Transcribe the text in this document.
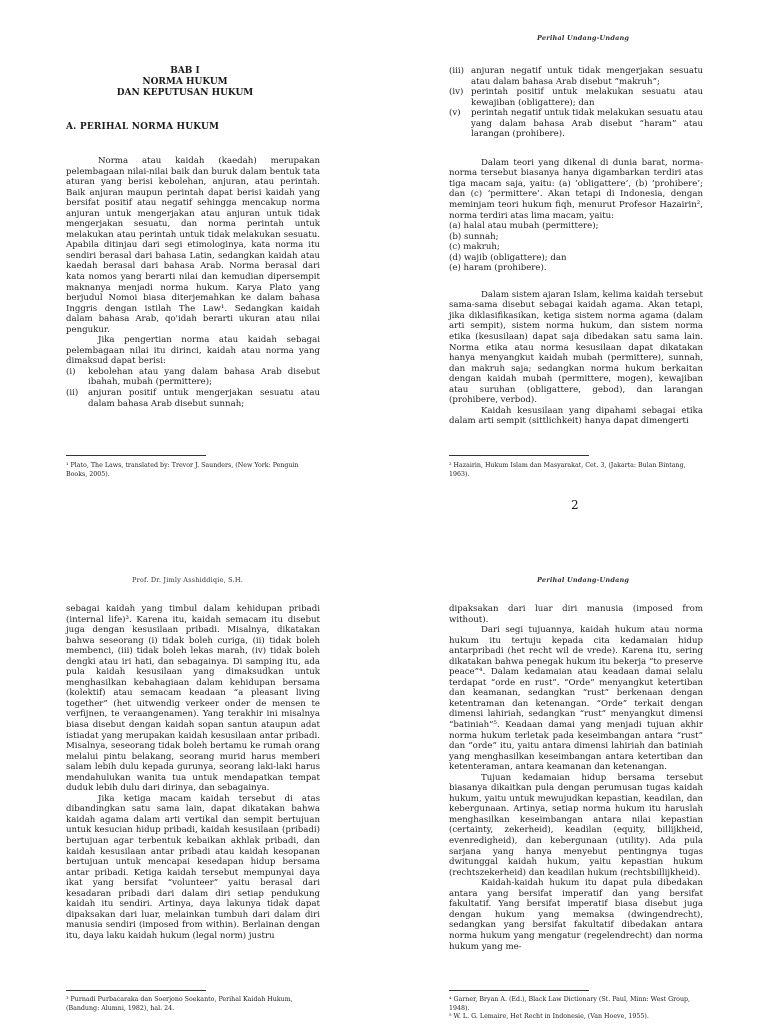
Perihal Undang-Undang
BAB I
NORMA HUKUM
DAN KEPUTUSAN HUKUM
A. PERIHAL NORMA HUKUM

Norma atau kaidah (kaedah) merupakan pelembagaan nilai-nilai baik dan buruk dalam bentuk tata aturan yang berisi kebolehan, anjuran, atau perintah. Baik anjuran maupun perintah dapat berisi kaidah yang bersifat positif atau negatif sehingga mencakup norma anjuran untuk mengerjakan atau anjuran untuk tidak mengerjakan sesuatu, dan norma perintah untuk melakukan atau perintah untuk tidak melakukan sesuatu. Apabila ditinjau dari segi etimologinya, kata norma itu sendiri berasal dari bahasa Latin, sedangkan kaidah atau kaedah berasal dari bahasa Arab. Norma berasal dari kata nomos yang berarti nilai dan kemudian dipersempit maknanya menjadi norma hukum. Karya Plato yang berjudul Nomoi biasa diterjemahkan ke dalam bahasa Inggris dengan istilah The Law¹. Sedangkan kaidah dalam bahasa Arab, qo'idah berarti ukuran atau nilai pengukur.

Jika pengertian norma atau kaidah sebagai pelembagaan nilai itu dirinci, kaidah atau norma yang dimaksud dapat berisi:

(i)	kebolehan atau yang dalam bahasa Arab disebut ibahah, mubah (permittere);
(ii)	anjuran positif untuk mengerjakan sesuatu atau dalam bahasa Arab disebut sunnah;
¹ Plato, The Laws, translated by: Trevor J. Saunders, (New York: Penguin Books, 2005).
(iii) anjuran negatif untuk tidak mengerjakan sesuatu atau dalam bahasa Arab disebut “makruh”;
(iv) perintah positif untuk melakukan sesuatu atau kewajiban (obligattere); dan
(v)	perintah negatif untuk tidak melakukan sesuatu atau yang dalam bahasa Arab disebut “haram” atau larangan (prohibere).

Dalam teori yang dikenal di dunia barat, norma-norma tersebut biasanya hanya digambarkan terdiri atas tiga macam saja, yaitu: (a) ‘obligattere’, (b) ‘prohibere’; dan (c) ‘permittere’. Akan tetapi di Indonesia, dengan meminjam teori hukum fiqh, menurut Profesor Hazairin², norma terdiri atas lima macam, yaitu:

(a) halal atau mubah (permittere);
(b) sunnah;
(c) makruh;
(d) wajib (obligattere); dan
(e) haram (prohibere).

Dalam sistem ajaran Islam, kelima kaidah tersebut sama-sama disebut sebagai kaidah agama. Akan tetapi, jika diklasifikasikan, ketiga sistem norma agama (dalam arti sempit), sistem norma hukum, dan sistem norma etika (kesusilaan) dapat saja dibedakan satu sama lain. Norma etika atau norma kesusilaan dapat dikatakan hanya menyangkut kaidah mubah (permittere), sunnah, dan makruh saja; sedangkan norma hukum berkaitan dengan kaidah mubah (permittere, mogen), kewajiban atau suruhan (obligattere, gebod), dan larangan (prohibere, verbod).

Kaidah kesusilaan yang dipahami sebagai etika dalam arti sempit (sittlichkeit) hanya dapat dimengerti

² Hazairin, Hukum Islam dan Masyarakat, Cet. 3, (Jakarta: Bulan Bintang, 1963).
2
Prof. Dr. Jimly Asshiddiqie, S.H.	Perihal Undang-Undang

sebagai kaidah yang timbul dalam kehidupan pribadi (internal life)³. Karena itu, kaidah semacam itu disebut juga dengan kesusilaan pribadi. Misalnya, dikatakan bahwa seseorang (i) tidak boleh curiga, (ii) tidak boleh membenci, (iii) tidak boleh lekas marah, (iv) tidak boleh dengki atau iri hati, dan sebagainya. Di samping itu, ada pula kaidah kesusilaan yang dimaksudkan untuk menghasilkan kebahagiaan dalam kehidupan bersama (kolektif) atau semacam keadaan “a pleasant living together” (het uitwendig verkeer onder de mensen te verfijnen, te veraangenamen). Yang terakhir ini misalnya biasa disebut dengan kaidah sopan santun ataupun adat istiadat yang merupakan kaidah kesusilaan antar pribadi. Misalnya, seseorang tidak boleh bertamu ke rumah orang melalui pintu belakang, seorang murid harus memberi salam lebih dulu kepada gurunya, seorang laki-laki harus mendahulukan wanita tua untuk mendapatkan tempat duduk lebih dulu dari dirinya, dan sebagainya.

Jika ketiga macam kaidah tersebut di atas dibandingkan satu sama lain, dapat dikatakan bahwa kaidah agama dalam arti vertikal dan sempit bertujuan untuk kesucian hidup pribadi, kaidah kesusilaan (pribadi) bertujuan agar terbentuk kebaikan akhlak pribadi, dan kaidah kesusilaan antar pribadi atau kaidah kesopanan bertujuan untuk mencapai kesedapan hidup bersama antar pribadi. Ketiga kaidah tersebut mempunyai daya ikat yang bersifat “volunteer” yaitu berasal dari kesadaran pribadi dari dalam diri setiap pendukung kaidah itu sendiri. Artinya, daya lakunya tidak dapat dipaksakan dari luar, melainkan tumbuh dari dalam diri manusia sendiri (imposed from within). Berlainan dengan itu, daya laku kaidah hukum (legal norm) justru

³ Purnadi Purbacaraka dan Soerjono Soekanto, Perihal Kaidah Hukum, (Bandung: Alumni, 1982), hal. 24.

dipaksakan dari luar diri manusia (imposed from without).

Dari segi tujuannya, kaidah hukum atau norma hukum itu tertuju kepada cita kedamaian hidup antarpribadi (het recht wil de vrede). Karena itu, sering dikatakan bahwa penegak hukum itu bekerja “to preserve peace”⁴. Dalam kedamaian atau keadaan damai selalu terdapat “orde en rust”. “Orde” menyangkut ketertiban dan keamanan, sedangkan “rust” berkenaan dengan ketentraman dan ketenangan. “Orde” terkait dengan dimensi lahiriah, sedangkan “rust” menyangkut dimensi “batiniah”⁵. Keadaan damai yang menjadi tujuan akhir norma hukum terletak pada keseimbangan antara “rust” dan “orde” itu, yaitu antara dimensi lahiriah dan batiniah yang menghasilkan keseimbangan antara ketertiban dan ketenteraman, antara keamanan dan ketenangan.

Tujuan kedamaian hidup bersama tersebut biasanya dikaitkan pula dengan perumusan tugas kaidah hukum, yaitu untuk mewujudkan kepastian, keadilan, dan kebergunaan. Artinya, setiap norma hukum itu haruslah menghasilkan keseimbangan antara nilai kepastian (certainty, zekerheid), keadilan (equity, billijkheid, evenredigheid), dan kebergunaan (utility). Ada pula sarjana yang hanya menyebut pentingnya tugas dwitunggal kaidah hukum, yaitu kepastian hukum (rechtszekerheid) dan keadilan hukum (rechtsbillijkheid).

Kaidah-kaidah hukum itu dapat pula dibedakan antara yang bersifat imperatif dan yang bersifat fakultatif. Yang bersifat imperatif biasa disebut juga dengan hukum yang memaksa (dwingendrecht), sedangkan yang bersifat fakultatif dibedakan antara norma hukum yang mengatur (regelendrecht) dan norma hukum yang me-

⁴ Garner, Bryan A. (Ed.), Black Law Dictionary (St. Paul, Minn: West Group, 1948).
⁵ W. L. G. Lemaire, Het Recht in Indonesie, (Van Hoeve, 1955).
